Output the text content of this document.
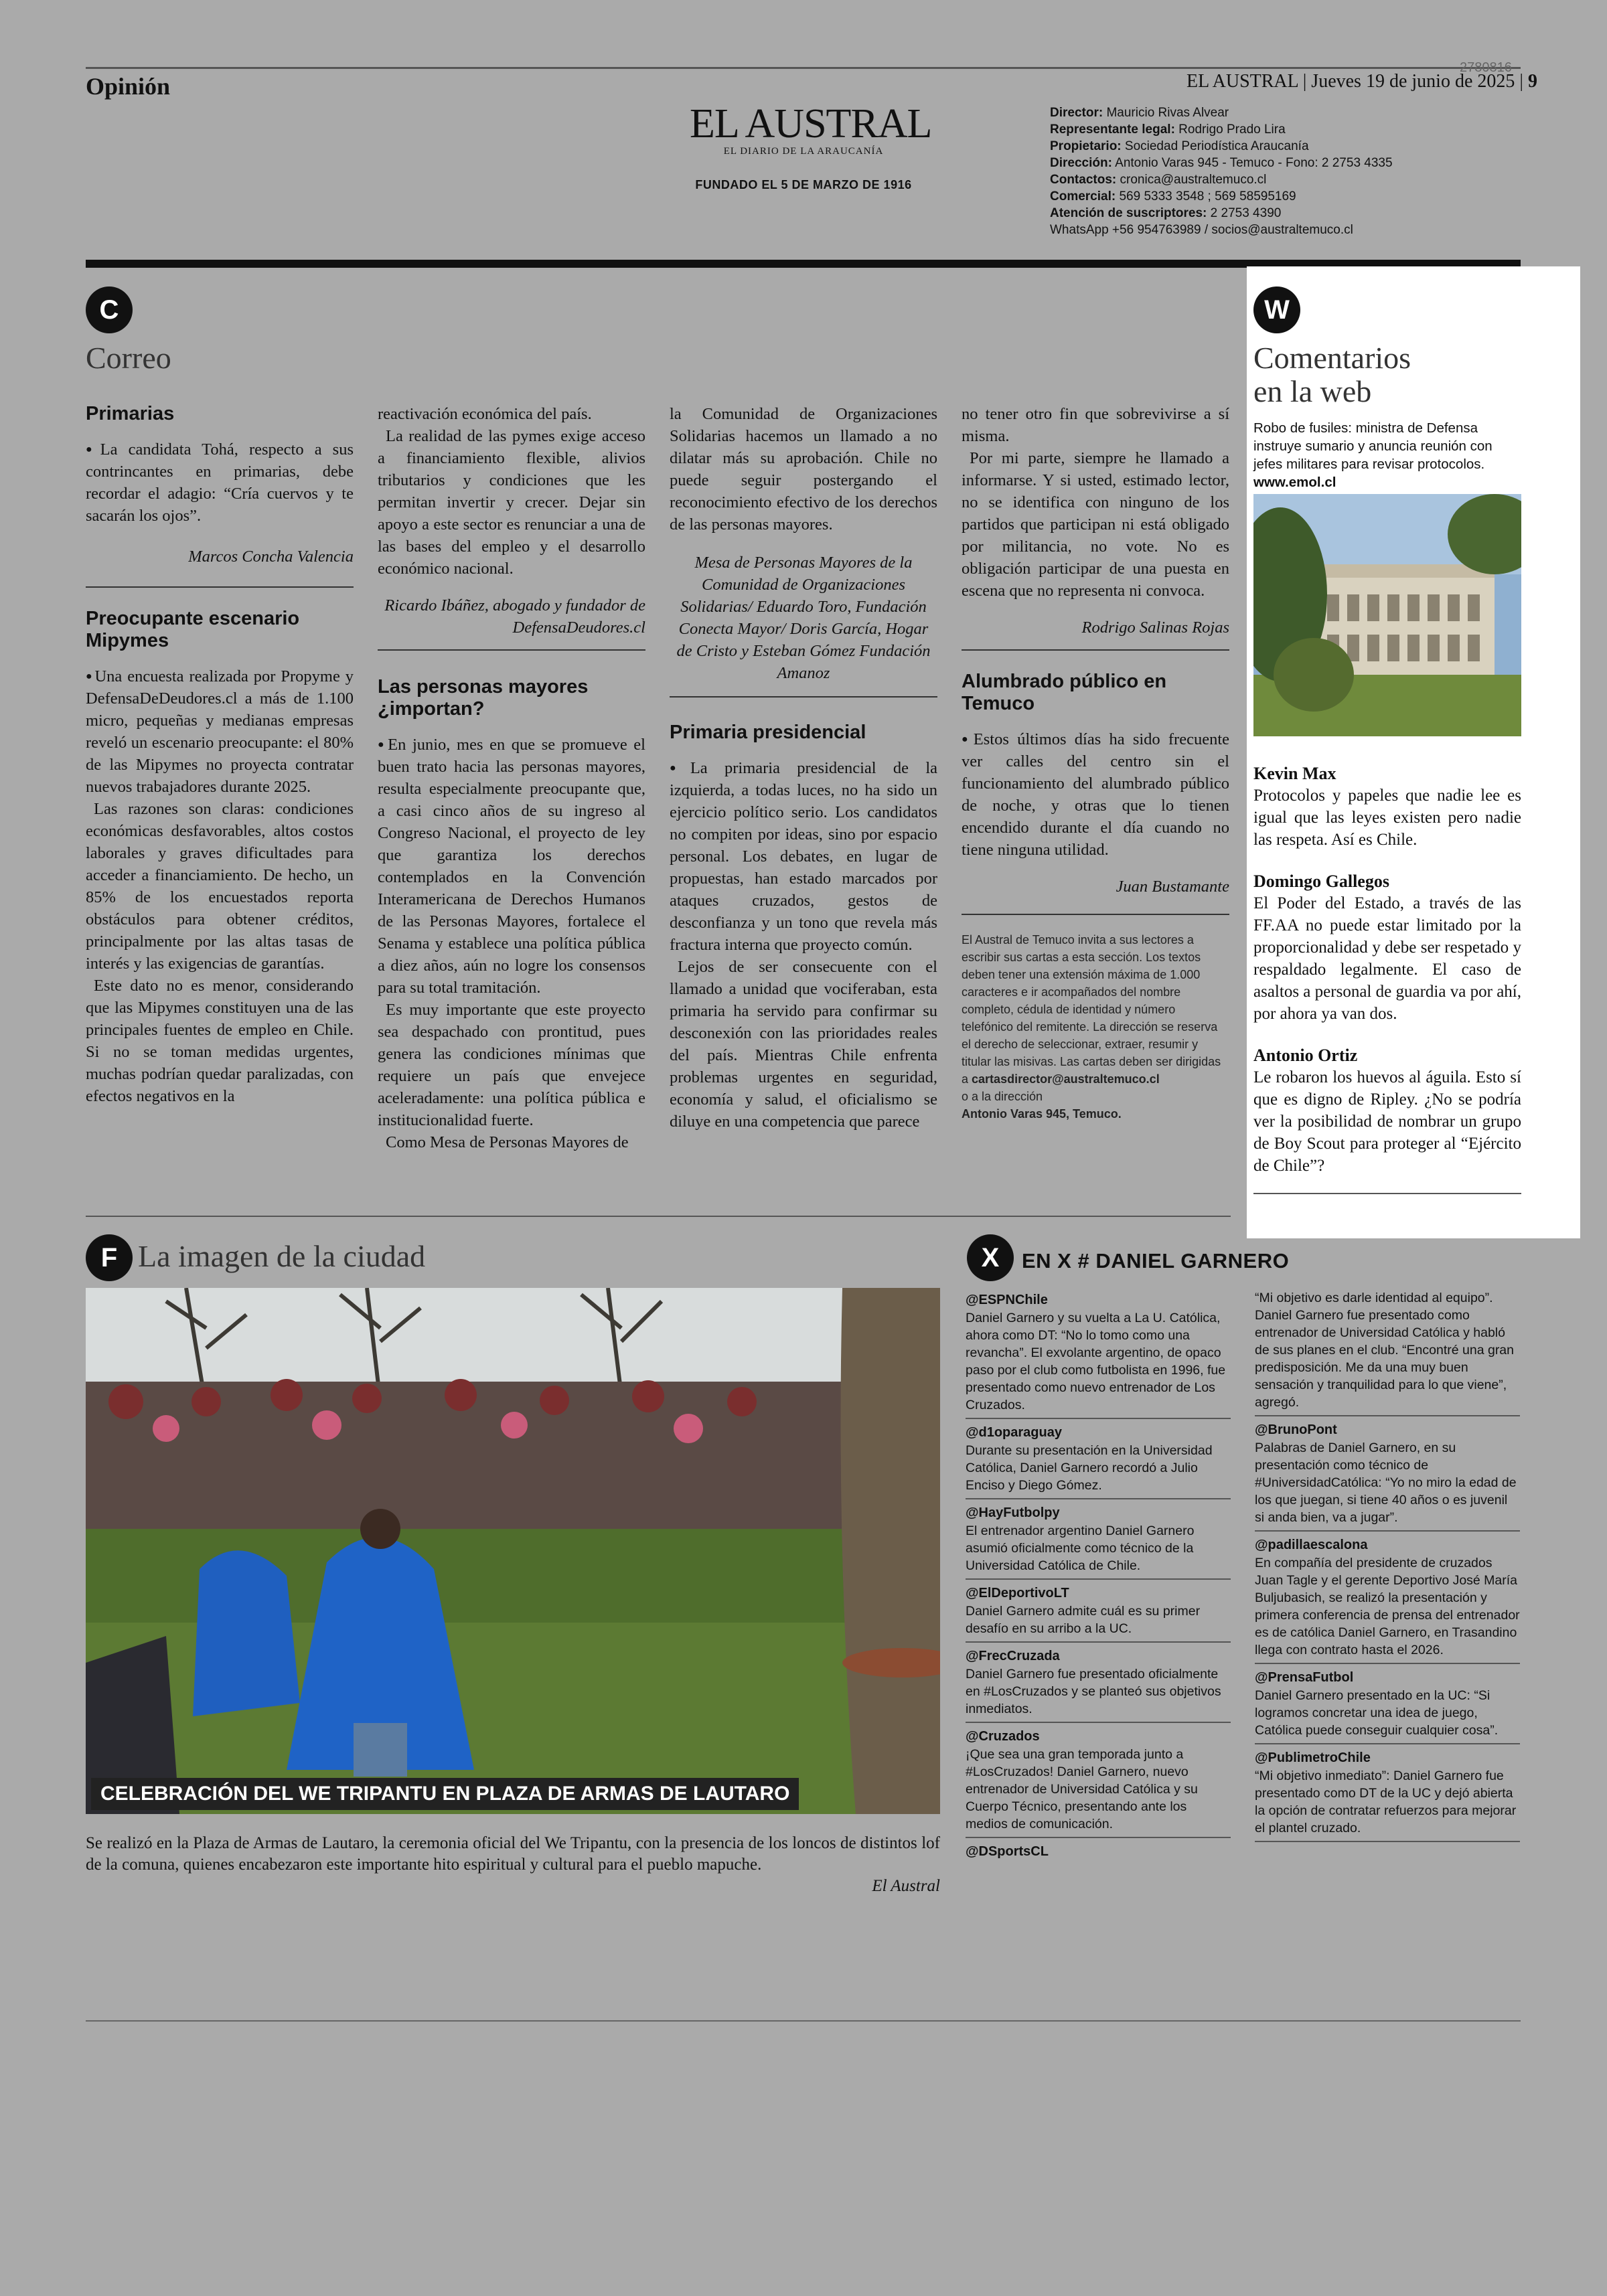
Opinión
2780816
EL AUSTRAL | Jueves 19 de junio de 2025 | 9
EL AUSTRAL
EL DIARIO DE LA ARAUCANÍA
FUNDADO EL 5 DE MARZO DE 1916
Director: Mauricio Rivas Alvear
Representante legal: Rodrigo Prado Lira
Propietario: Sociedad Periodística Araucanía
Dirección: Antonio Varas 945 - Temuco - Fono: 2 2753 4335
Contactos: cronica@australtemuco.cl
Comercial: 569 5333 3548 ; 569 58595169
Atención de suscriptores: 2 2753 4390
WhatsApp +56 954763989 / socios@australtemuco.cl
C
Correo
Primarias

● La candidata Tohá, respecto a sus contrincantes en primarias, debe recordar el adagio: “Cría cuervos y te sacarán los ojos”.

Marcos Concha Valencia
Preocupante escenario Mipymes

● Una encuesta realizada por Propyme y DefensaDeDeudores.cl a más de 1.100 micro, pequeñas y medianas empresas reveló un escenario preocupante: el 80% de las Mipymes no proyecta contratar nuevos trabajadores durante 2025.

Las razones son claras: condiciones económicas desfavorables, altos costos laborales y graves dificultades para acceder a financiamiento. De hecho, un 85% de los encuestados reporta obstáculos para obtener créditos, principalmente por las altas tasas de interés y las exigencias de garantías.

Este dato no es menor, considerando que las Mipymes constituyen una de las principales fuentes de empleo en Chile. Si no se toman medidas urgentes, muchas podrían quedar paralizadas, con efectos negativos en la

reactivación económica del país.

La realidad de las pymes exige acceso a financiamiento flexible, alivios tributarios y condiciones que les permitan invertir y crecer. Dejar sin apoyo a este sector es renunciar a una de las bases del empleo y el desarrollo económico nacional.

Ricardo Ibáñez, abogado y fundador de DefensaDeudores.cl
Las personas mayores ¿importan?

● En junio, mes en que se promueve el buen trato hacia las personas mayores, resulta especialmente preocupante que, a casi cinco años de su ingreso al Congreso Nacional, el proyecto de ley que garantiza los derechos contemplados en la Convención Interamericana de Derechos Humanos de las Personas Mayores, fortalece el Senama y establece una política pública a diez años, aún no logre los consensos para su total tramitación.

Es muy importante que este proyecto sea despachado con prontitud, pues genera las condiciones mínimas que requiere un país que envejece aceleradamente: una política pública e institucionalidad fuerte.

Como Mesa de Personas Mayores de

la Comunidad de Organizaciones Solidarias hacemos un llamado a no dilatar más su aprobación. Chile no puede seguir postergando el reconocimiento efectivo de los derechos de las personas mayores.

Mesa de Personas Mayores de la Comunidad de Organizaciones Solidarias/ Eduardo Toro, Fundación Conecta Mayor/ Doris García, Hogar de Cristo y Esteban Gómez Fundación Amanoz
Primaria presidencial

● La primaria presidencial de la izquierda, a todas luces, no ha sido un ejercicio político serio. Los candidatos no compiten por ideas, sino por espacio personal. Los debates, en lugar de propuestas, han estado marcados por ataques cruzados, gestos de desconfianza y un tono que revela más fractura interna que proyecto común.

Lejos de ser consecuente con el llamado a unidad que vociferaban, esta primaria ha servido para confirmar su desconexión con las prioridades reales del país. Mientras Chile enfrenta problemas urgentes en seguridad, economía y salud, el oficialismo se diluye en una competencia que parece

no tener otro fin que sobrevivirse a sí misma.

Por mi parte, siempre he llamado a informarse. Y si usted, estimado lector, no se identifica con ninguno de los partidos que participan ni está obligado por militancia, no vote. No es obligación participar de una puesta en escena que no representa ni convoca.

Rodrigo Salinas Rojas
Alumbrado público en Temuco

● Estos últimos días ha sido frecuente ver calles del centro sin el funcionamiento del alumbrado público de noche, y otras que lo tienen encendido durante el día cuando no tiene ninguna utilidad.

Juan Bustamante
El Austral de Temuco invita a sus lectores a escribir sus cartas a esta sección. Los textos deben tener una extensión máxima de 1.000 caracteres e ir acompañados del nombre completo, cédula de identidad y número telefónico del remitente. La dirección se reserva el derecho de seleccionar, extraer, resumir y titular las misivas. Las cartas deben ser dirigidas a cartasdirector@australtemuco.cl
o a la dirección
Antonio Varas 945, Temuco.
W
Comentarios
en la web
Robo de fusiles: ministra de Defensa instruye sumario y anuncia reunión con jefes militares para revisar protocolos. www.emol.cl
Kevin Max
Protocolos y papeles que nadie lee es igual que las leyes existen pero nadie las respeta. Así es Chile.
Domingo Gallegos
El Poder del Estado, a través de las FF.AA no puede estar limitado por la proporcionalidad y debe ser respetado y respaldado legalmente. El caso de asaltos a personal de guardia va por ahí, por ahora ya van dos.
Antonio Ortiz
Le robaron los huevos al águila. Esto sí que es digno de Ripley. ¿No se podría ver la posibilidad de nombrar un grupo de Boy Scout para proteger al “Ejército de Chile”?
F La imagen de la ciudad
CELEBRACIÓN DEL WE TRIPANTU EN PLAZA DE ARMAS DE LAUTARO
Se realizó en la Plaza de Armas de Lautaro, la ceremonia oficial del We Tripantu, con la presencia de los loncos de distintos lof de la comuna, quienes encabezaron este importante hito espiritual y cultural para el pueblo mapuche.
El Austral
X	EN X # DANIEL GARNERO
@ESPNChile
Daniel Garnero y su vuelta a La U. Católica, ahora como DT: “No lo tomo como una revancha”. El exvolante argentino, de opaco paso por el club como futbolista en 1996, fue presentado como nuevo entrenador de Los Cruzados.
@d1oparaguay
Durante su presentación en la Universidad Católica, Daniel Garnero recordó a Julio Enciso y Diego Gómez.
@HayFutbolpy
El entrenador argentino Daniel Garnero asumió oficialmente como técnico de la Universidad Católica de Chile.
@ElDeportivoLT
Daniel Garnero admite cuál es su primer desafío en su arribo a la UC.
@FrecCruzada
Daniel Garnero fue presentado oficialmente en #LosCruzados y se planteó sus objetivos inmediatos.
@Cruzados
¡Que sea una gran temporada junto a #LosCruzados! Daniel Garnero, nuevo entrenador de Universidad Católica y su Cuerpo Técnico, presentando ante los medios de comunicación.
@DSportsCL
“Mi objetivo es darle identidad al equipo”. Daniel Garnero fue presentado como entrenador de Universidad Católica y habló de sus planes en el club. “Encontré una gran predisposición. Me da una muy buen sensación y tranquilidad para lo que viene”, agregó.
@BrunoPont
Palabras de Daniel Garnero, en su presentación como técnico de #UniversidadCatólica: “Yo no miro la edad de los que juegan, si tiene 40 años o es juvenil si anda bien, va a jugar”.
@padillaescalona
En compañía del presidente de cruzados Juan Tagle y el gerente Deportivo José María Buljubasich, se realizó la presentación y primera conferencia de prensa del entrenador es de católica Daniel Garnero, en Trasandino llega con contrato hasta el 2026.
@PrensaFutbol
Daniel Garnero presentado en la UC: “Si logramos concretar una idea de juego, Católica puede conseguir cualquier cosa”.
@PublimetroChile
“Mi objetivo inmediato”: Daniel Garnero fue presentado como DT de la UC y dejó abierta la opción de contratar refuerzos para mejorar el plantel cruzado.
